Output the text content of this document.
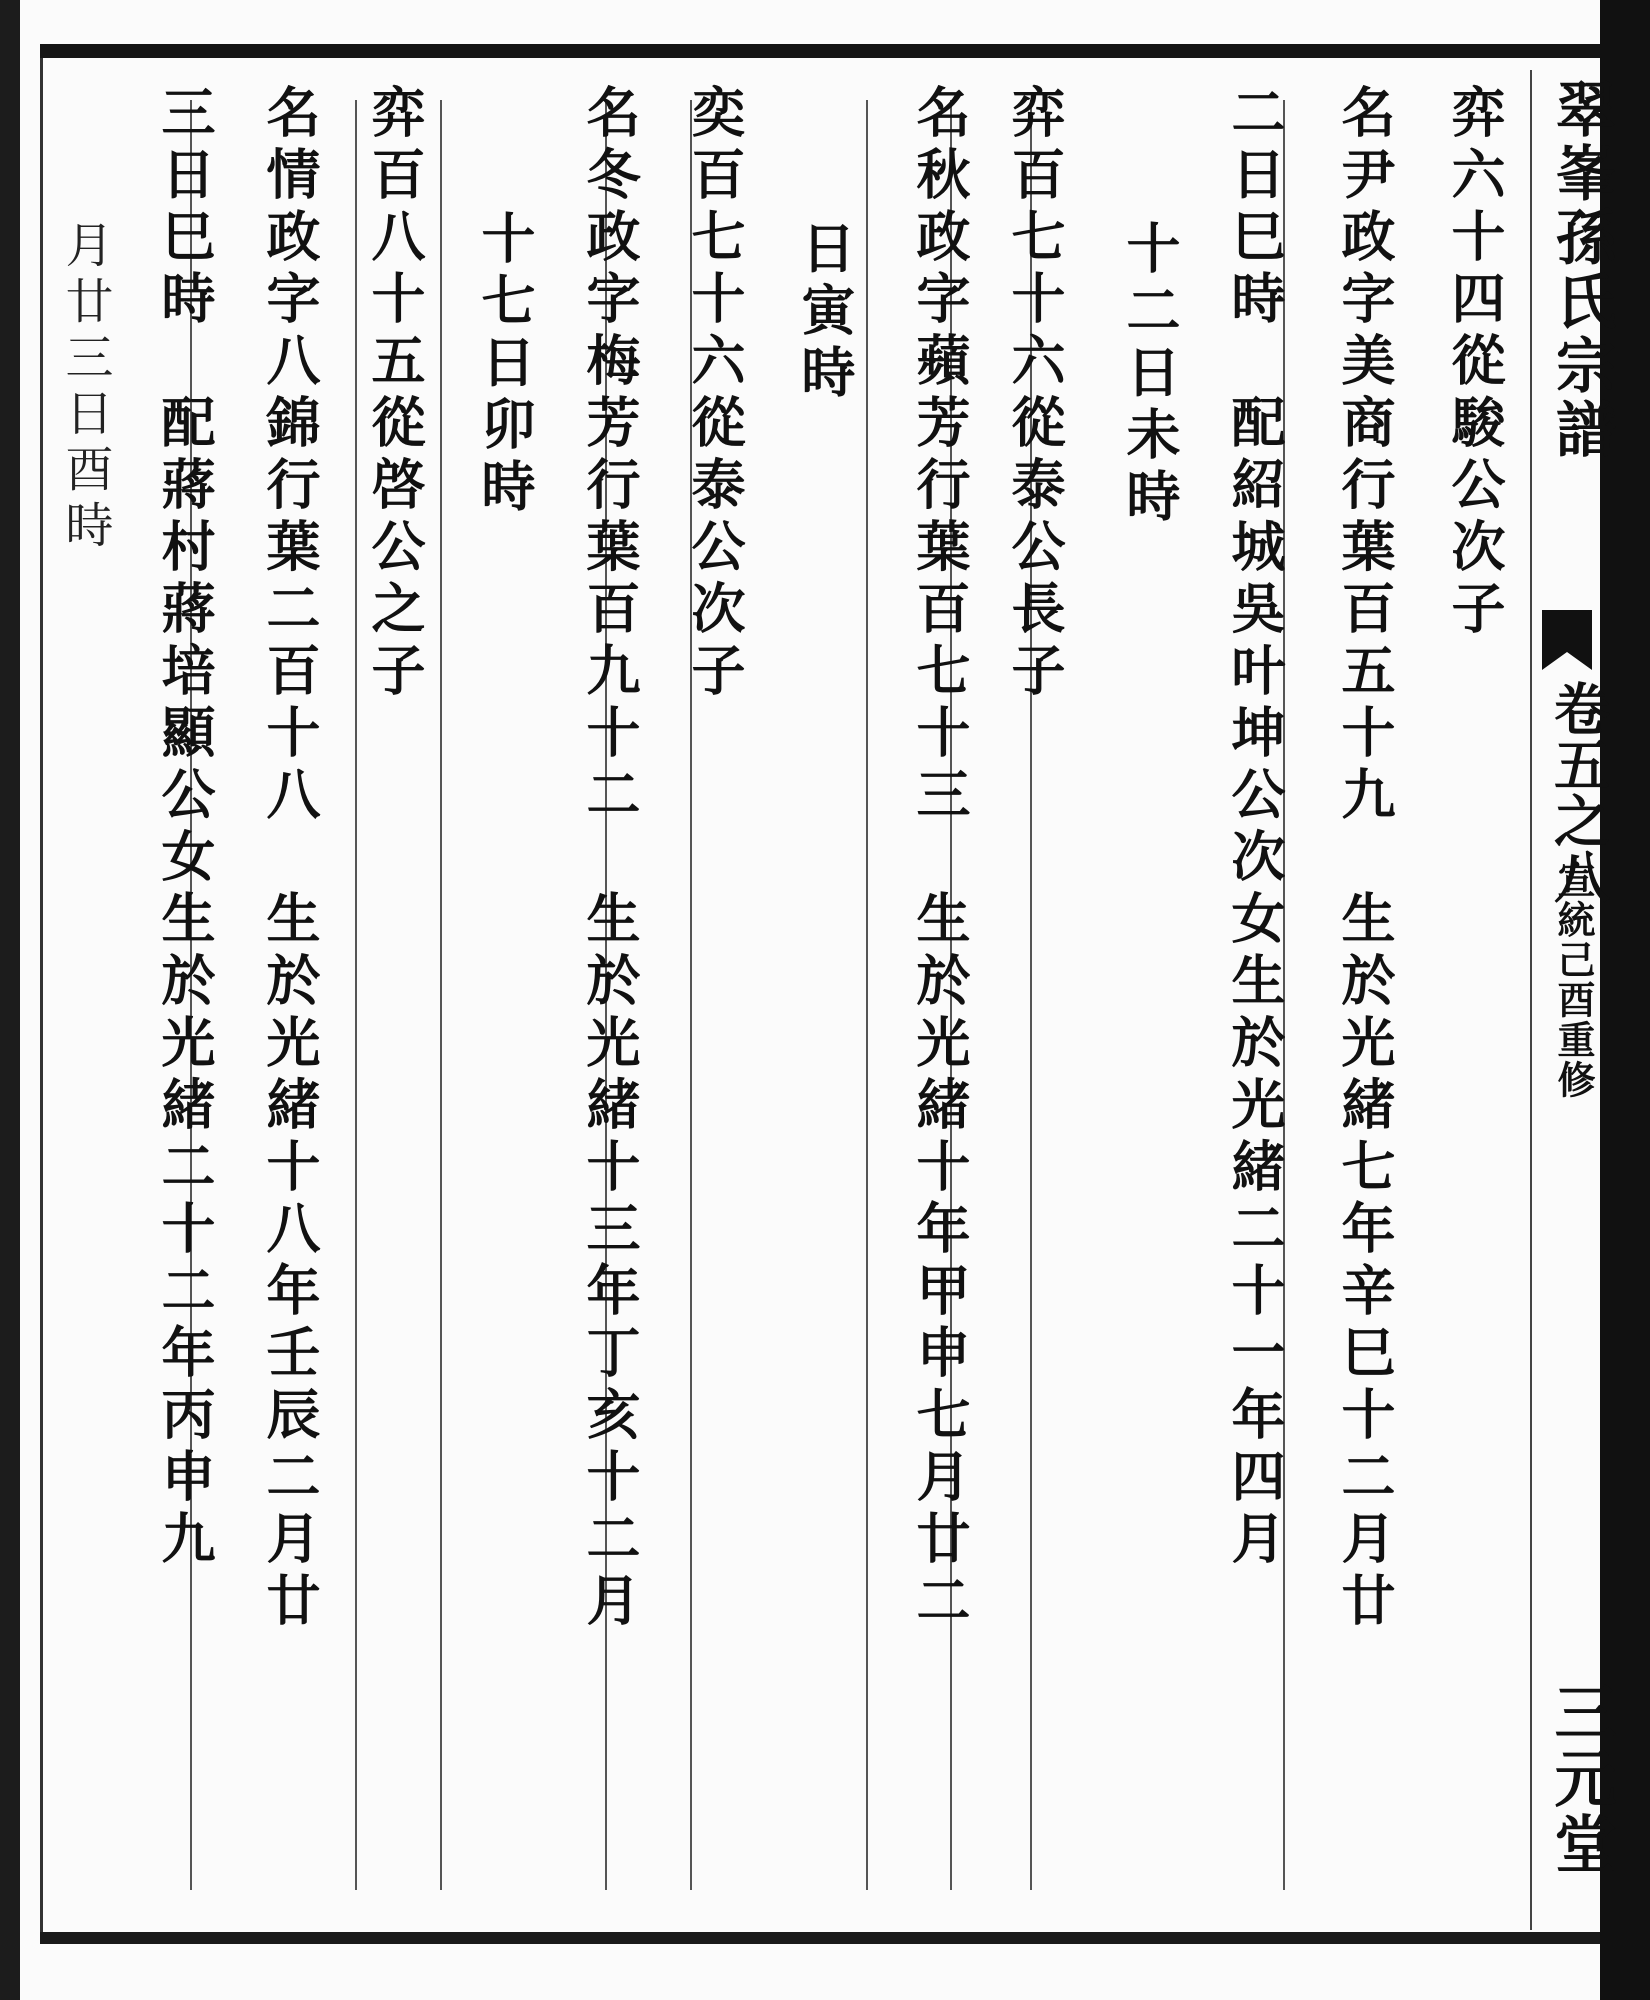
翠峯孫氏宗譜
卷五之八
宣統己酉重修
三元堂
弈六十四從駿公次子
名尹政字美商行葉百五十九　生於光緒七年辛巳十二月廿
二日巳時　配紹城吳叶坤公次女生於光緒二十一年四月
十二日未時
弈百七十六從泰公長子
名秋政字蘋芳行葉百七十三　生於光緒十年甲申七月廿二
日寅時
奕百七十六從泰公次子
名冬政字梅芳行葉百九十二　生於光緒十三年丁亥十二月
十七日卯時
弈百八十五從啓公之子
名情政字八錦行葉二百十八　生於光緒十八年壬辰二月廿
三日巳時　配蔣村蔣培顯公女生於光緒二十二年丙申九
月廿三日酉時
